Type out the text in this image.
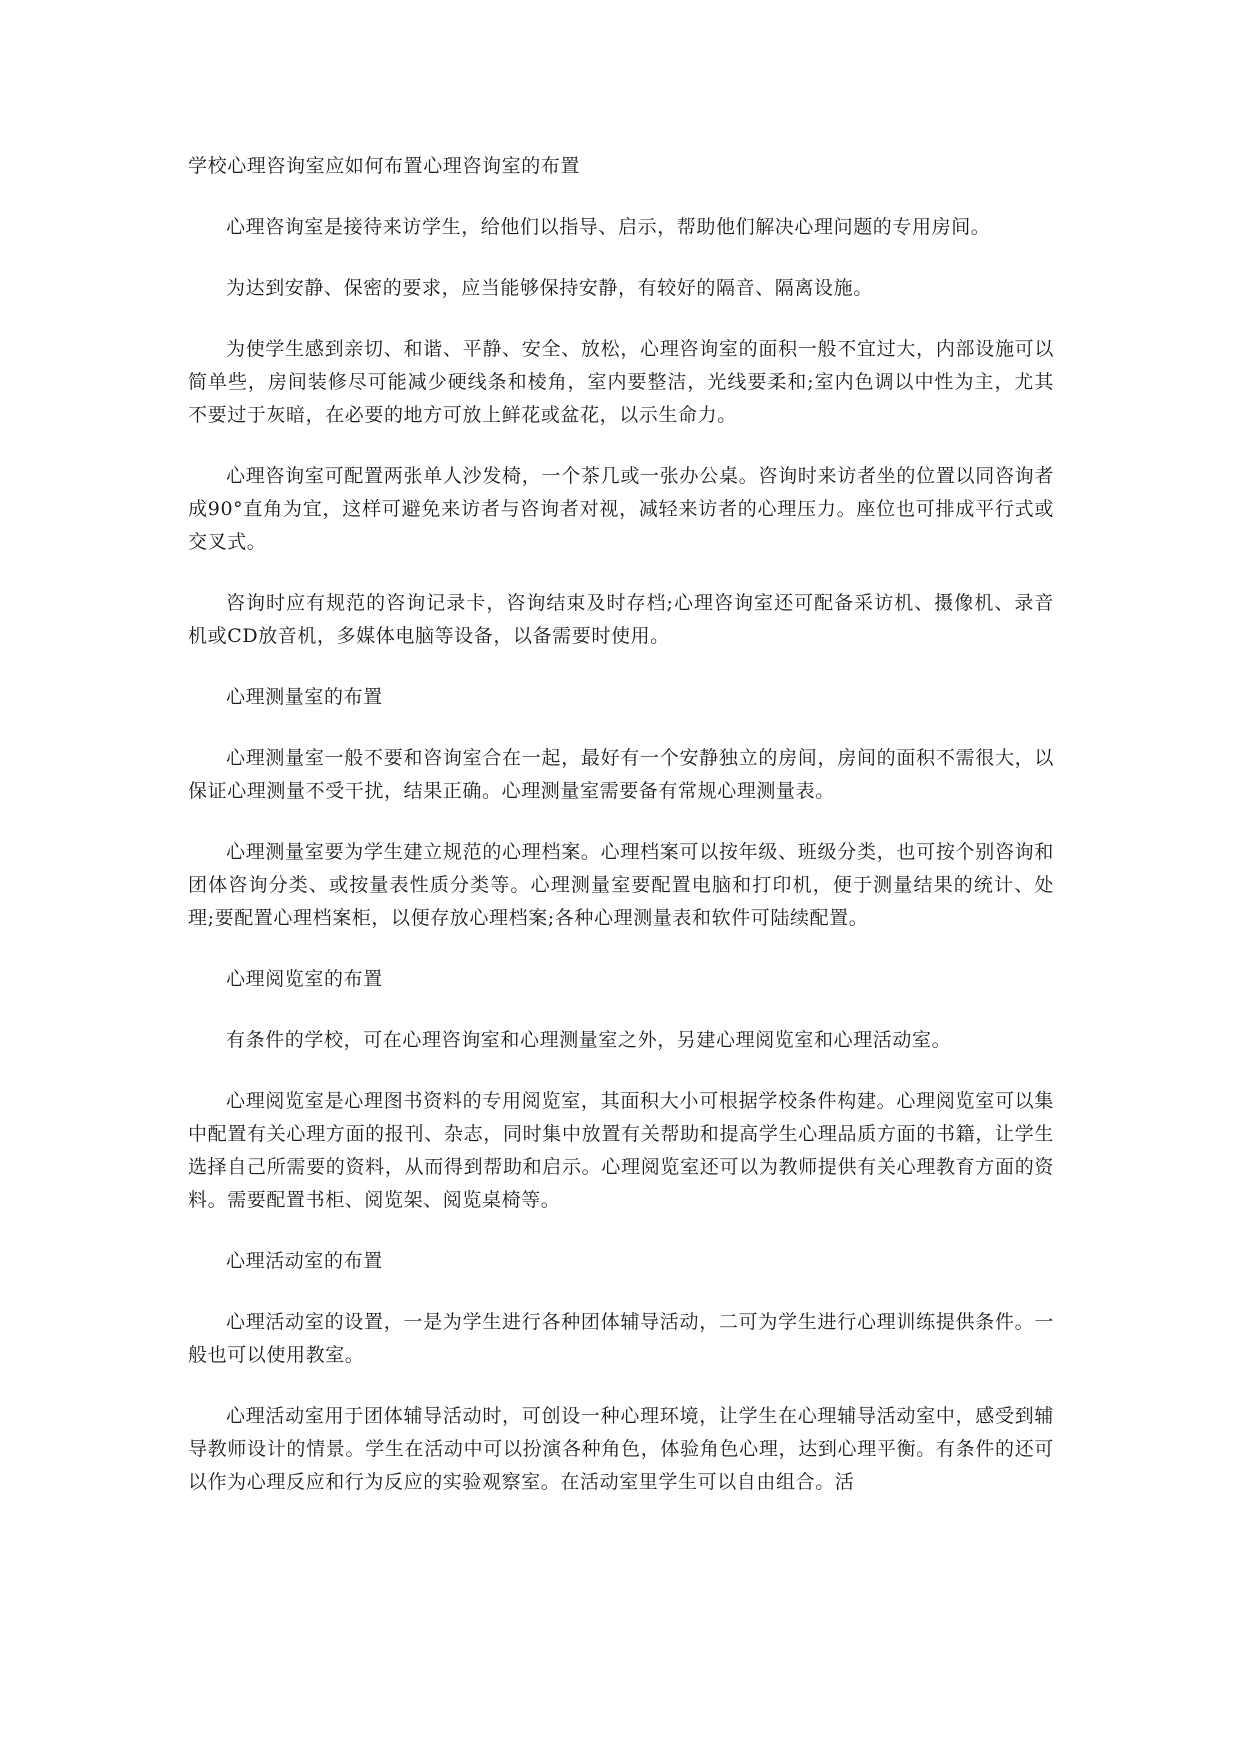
学校心理咨询室应如何布置心理咨询室的布置

心理咨询室是接待来访学生，给他们以指导、启示，帮助他们解决心理问题的专用房间。

为达到安静、保密的要求，应当能够保持安静，有较好的隔音、隔离设施。

为使学生感到亲切、和谐、平静、安全、放松，心理咨询室的面积一般不宜过大，内部设施可以简单些，房间装修尽可能减少硬线条和棱角，室内要整洁，光线要柔和;室内色调以中性为主，尤其不要过于灰暗，在必要的地方可放上鲜花或盆花，以示生命力。

心理咨询室可配置两张单人沙发椅，一个茶几或一张办公桌。咨询时来访者坐的位置以同咨询者成90°直角为宜，这样可避免来访者与咨询者对视，减轻来访者的心理压力。座位也可排成平行式或交叉式。

咨询时应有规范的咨询记录卡，咨询结束及时存档;心理咨询室还可配备采访机、摄像机、录音机或CD放音机，多媒体电脑等设备，以备需要时使用。

心理测量室的布置

心理测量室一般不要和咨询室合在一起，最好有一个安静独立的房间，房间的面积不需很大，以保证心理测量不受干扰，结果正确。心理测量室需要备有常规心理测量表。

心理测量室要为学生建立规范的心理档案。心理档案可以按年级、班级分类，也可按个别咨询和团体咨询分类、或按量表性质分类等。心理测量室要配置电脑和打印机，便于测量结果的统计、处理;要配置心理档案柜，以便存放心理档案;各种心理测量表和软件可陆续配置。

心理阅览室的布置

有条件的学校，可在心理咨询室和心理测量室之外，另建心理阅览室和心理活动室。

心理阅览室是心理图书资料的专用阅览室，其面积大小可根据学校条件构建。心理阅览室可以集中配置有关心理方面的报刊、杂志，同时集中放置有关帮助和提高学生心理品质方面的书籍，让学生选择自己所需要的资料，从而得到帮助和启示。心理阅览室还可以为教师提供有关心理教育方面的资料。需要配置书柜、阅览架、阅览桌椅等。

心理活动室的布置

心理活动室的设置，一是为学生进行各种团体辅导活动，二可为学生进行心理训练提供条件。一般也可以使用教室。

心理活动室用于团体辅导活动时，可创设一种心理环境，让学生在心理辅导活动室中，感受到辅导教师设计的情景。学生在活动中可以扮演各种角色，体验角色心理，达到心理平衡。有条件的还可以作为心理反应和行为反应的实验观察室。在活动室里学生可以自由组合。活
